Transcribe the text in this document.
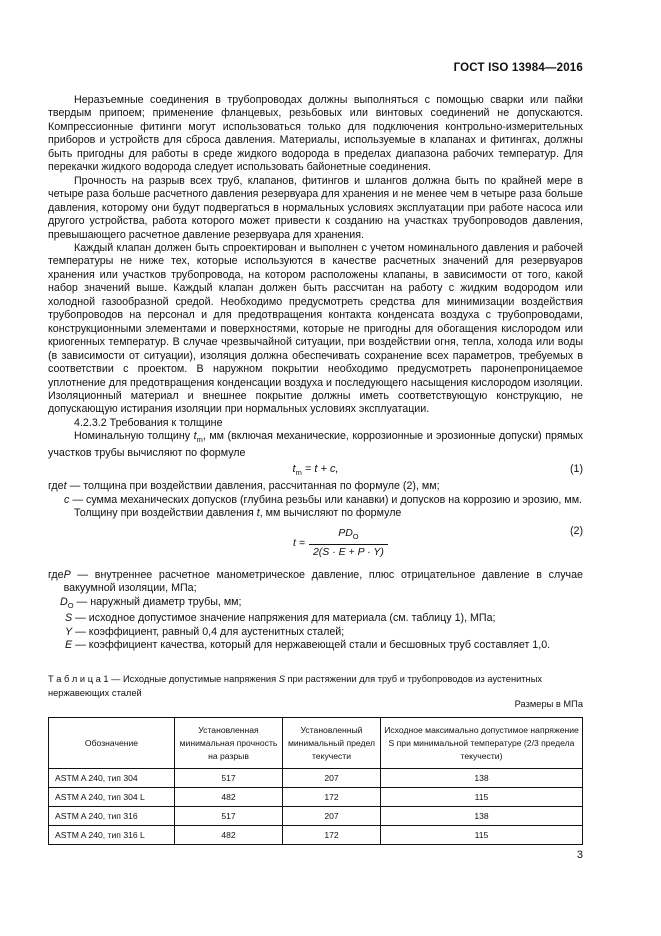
ГОСТ ISO 13984—2016

Неразъемные соединения в трубопроводах должны выполняться с помощью сварки или пайки твердым припоем; применение фланцевых, резьбовых или винтовых соединений не допускаются. Компрессионные фитинги могут использоваться только для подключения контрольно-измерительных приборов и устройств для сброса давления. Материалы, используемые в клапанах и фитингах, должны быть пригодны для работы в среде жидкого водорода в пределах диапазона рабочих температур. Для перекачки жидкого водорода следует использовать байонетные соединения.

Прочность на разрыв всех труб, клапанов, фитингов и шлангов должна быть по крайней мере в четыре раза больше расчетного давления резервуара для хранения и не менее чем в четыре раза больше давления, которому они будут подвергаться в нормальных условиях эксплуатации при работе насоса или другого устройства, работа которого может привести к созданию на участках трубопроводов давления, превышающего расчетное давление резервуара для хранения.

Каждый клапан должен быть спроектирован и выполнен с учетом номинального давления и рабочей температуры не ниже тех, которые используются в качестве расчетных значений для резервуаров хранения или участков трубопровода, на котором расположены клапаны, в зависимости от того, какой набор значений выше. Каждый клапан должен быть рассчитан на работу с жидким водородом или холодной газообразной средой. Необходимо предусмотреть средства для минимизации воздействия трубопроводов на персонал и для предотвращения контакта конденсата воздуха с трубопроводами, конструкционными элементами и поверхностями, которые не пригодны для обогащения кислородом или криогенных температур. В случае чрезвычайной ситуации, при воздействии огня, тепла, холода или воды (в зависимости от ситуации), изоляция должна обеспечивать сохранение всех параметров, требуемых в соответствии с проектом. В наружном покрытии необходимо предусмотреть паронепроницаемое уплотнение для предотвращения конденсации воздуха и последующего насыщения кислородом изоляции. Изоляционный материал и внешнее покрытие должны иметь соответствующую конструкцию, не допускающую истирания изоляции при нормальных условиях эксплуатации.

4.2.3.2 Требования к толщине

Номинальную толщину $t_m$, мм (включая механические, коррозионные и эрозионные допуски) прямых участков трубы вычисляют по формуле

$t_m = t + c$,	(1)
где t — толщина при воздействии давления, рассчитанная по формуле (2), мм;
c — сумма механических допусков (глубина резьбы или канавки) и допусков на коррозию и эрозию, мм.

Толщину при воздействии давления t, мм вычисляют по формуле

$t = \frac{PD_O}{2(S \cdot E + P \cdot Y)}$	(2)
где P — внутреннее расчетное манометрическое давление, плюс отрицательное давление в случае вакуумной изоляции, МПа;
$D_O$ — наружный диаметр трубы, мм;
S — исходное допустимое значение напряжения для материала (см. таблицу 1), МПа;
Y — коэффициент, равный 0,4 для аустенитных сталей;
E — коэффициент качества, который для нержавеющей стали и бесшовных труб составляет 1,0.
Т а б л и ц а 1 — Исходные допустимые напряжения S при растяжении для труб и трубопроводов из аустенитных нержавеющих сталей
Размеры в МПа
Обозначение	Установленная минимальная прочность на разрыв	Установленный минимальный предел текучести	Исходное максимально допустимое напряжение S при минимальной температуре (2/3 предела текучести)
ASTM A 240, тип 304	517	207	138
ASTM A 240, тип 304 L	482	172	115
ASTM A 240, тип 316	517	207	138
ASTM A 240, тип 316 L	482	172	115
3
